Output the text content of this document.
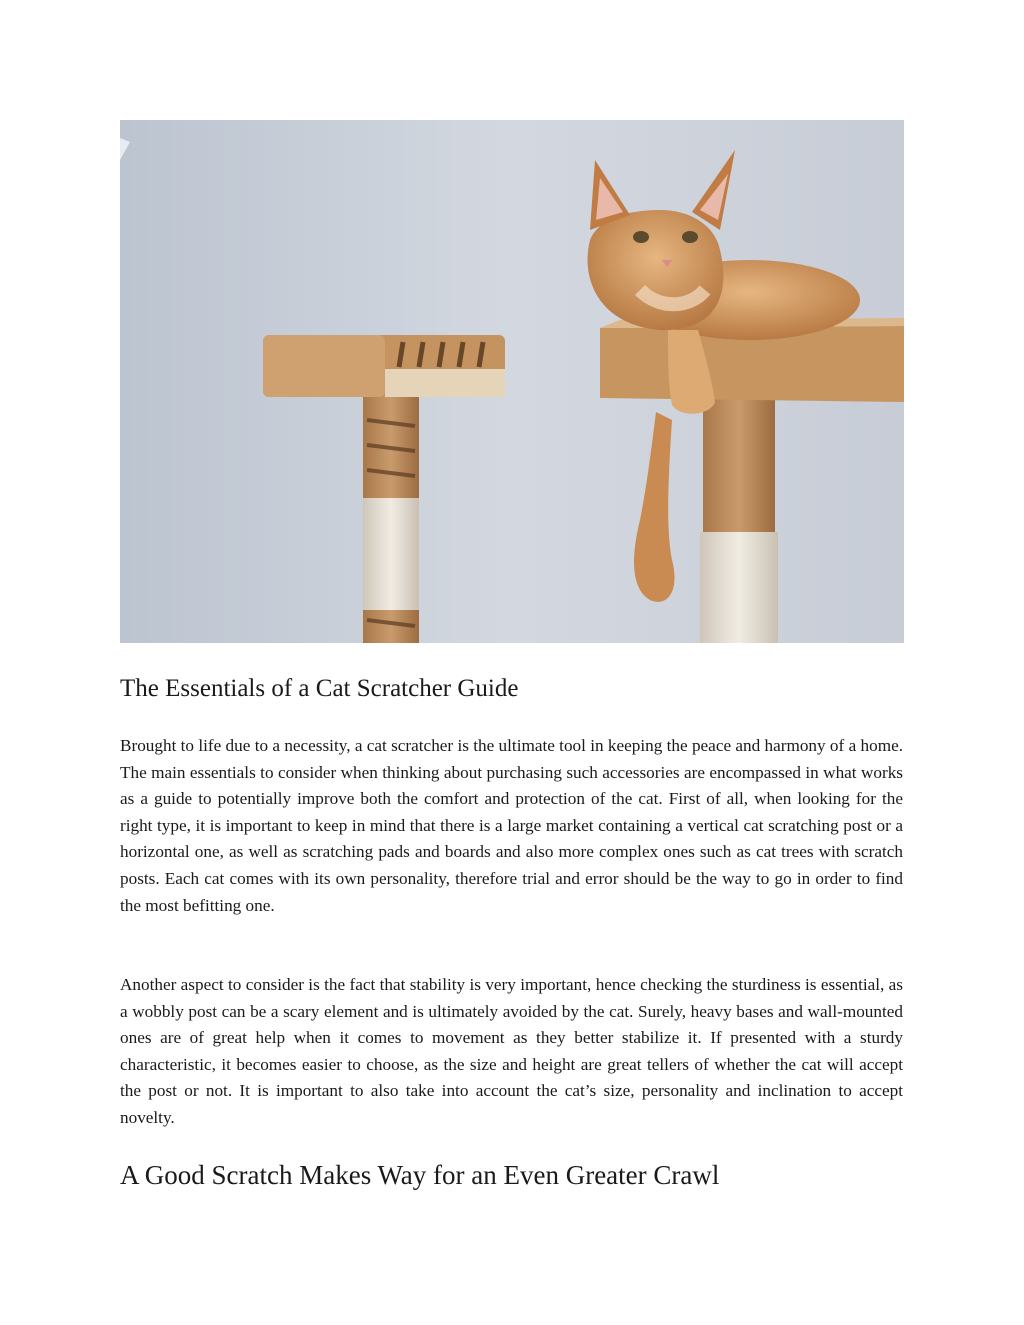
The Essentials of a Cat Scratcher Guide

Brought to life due to a necessity, a cat scratcher is the ultimate tool in keeping the peace and harmony of a home. The main essentials to consider when thinking about purchasing such accessories are encompassed in what works as a guide to potentially improve both the comfort and protection of the cat. First of all, when looking for the right type, it is important to keep in mind that there is a large market containing a vertical cat scratching post or a horizontal one, as well as scratching pads and boards and also more complex ones such as cat trees with scratch posts. Each cat comes with its own personality, therefore trial and error should be the way to go in order to find the most befitting one.

Another aspect to consider is the fact that stability is very important, hence checking the sturdiness is essential, as a wobbly post can be a scary element and is ultimately avoided by the cat. Surely, heavy bases and wall-mounted ones are of great help when it comes to movement as they better stabilize it. If presented with a sturdy characteristic, it becomes easier to choose, as the size and height are great tellers of whether the cat will accept the post or not. It is important to also take into account the cat’s size, personality and inclination to accept novelty.

A Good Scratch Makes Way for an Even Greater Crawl
